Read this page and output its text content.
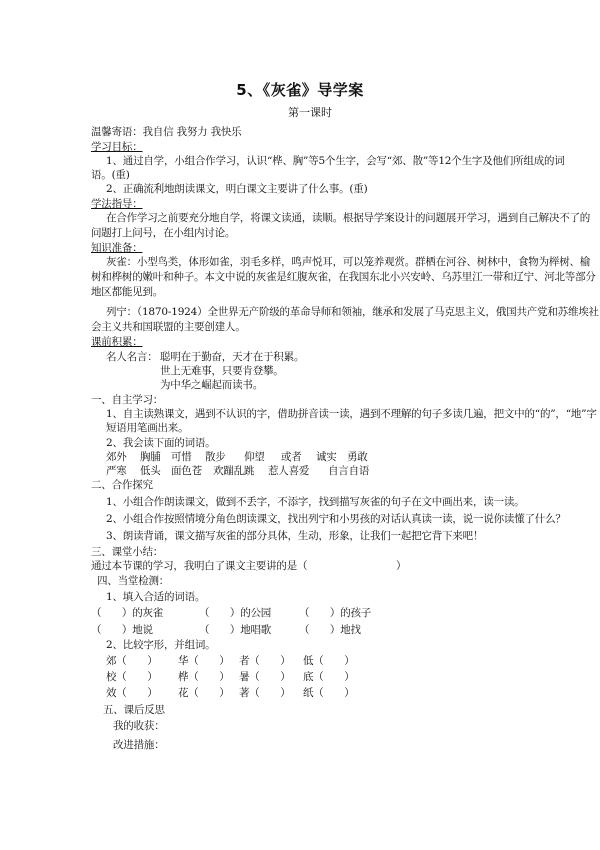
5、《灰雀》导学案
第一课时
温馨寄语：我自信 我努力 我快乐
学习目标：
1、通过自学，小组合作学习，认识“桦、胸”等5个生字，会写“郊、散”等12个生字及他们所组成的词
语。(重)
2、正确流利地朗读课文，明白课文主要讲了什么事。(重)
学法指导：
在合作学习之前要充分地自学，将课文读通，读顺。根据导学案设计的问题展开学习，遇到自己解决不了的
问题打上问号，在小组内讨论。
知识准备：
灰雀：小型鸟类，体形如雀，羽毛多样，鸣声悦耳，可以笼养观赏。群栖在河谷、树林中，食物为榉树、榆
树和桦树的嫩叶和种子。本文中说的灰雀是红腹灰雀，在我国东北小兴安岭、乌苏里江一带和辽宁、河北等部分
地区都能见到。
列宁：（1870-1924）全世界无产阶级的革命导师和领袖，继承和发展了马克思主义，俄国共产党和苏维埃社
会主义共和国联盟的主要创建人。
课前积累：
名人名言： 聪明在于勤奋，天才在于积累。
世上无难事，只要肯登攀。
为中华之崛起而读书。
一、自主学习：
1、自主读熟课文，遇到不认识的字，借助拼音读一读，遇到不理解的句子多读几遍，把文中的“的”，“地”字
短语用笔画出来。
2、我会读下面的词语。
郊外 胸脯 可惜 散步 仰望 或者 诚实 勇敢
严寒 低头 面色苍 欢蹦乱跳 惹人喜爱 自言自语
二、合作探究
1、小组合作朗读课文，做到不丢字，不添字，找到描写灰雀的句子在文中画出来，读一读。
2、小组合作按照情境分角色朗读课文，找出列宁和小男孩的对话认真读一读，说一说你读懂了什么？
3、朗读背诵，课文描写灰雀的部分具体，生动，形象，让我们一起把它背下来吧！
三、课堂小结：
通过本节课的学习，我明白了课文主要讲的是（	）
四、当堂检测：
1、填入合适的词语。
（　　）的灰雀	（　　）的公园	（　　）的孩子
（　　）地说	（　　）地唱歌	（　　）地找
2、比较字形，并组词。
郊（　　） 华（　　） 者（　　） 低（　　）
校（　　） 桦（　　） 暑（　　） 底（　　）
效（　　） 花（　　） 著（　　） 纸（　　）
五、课后反思
我的收获：
改进措施：
